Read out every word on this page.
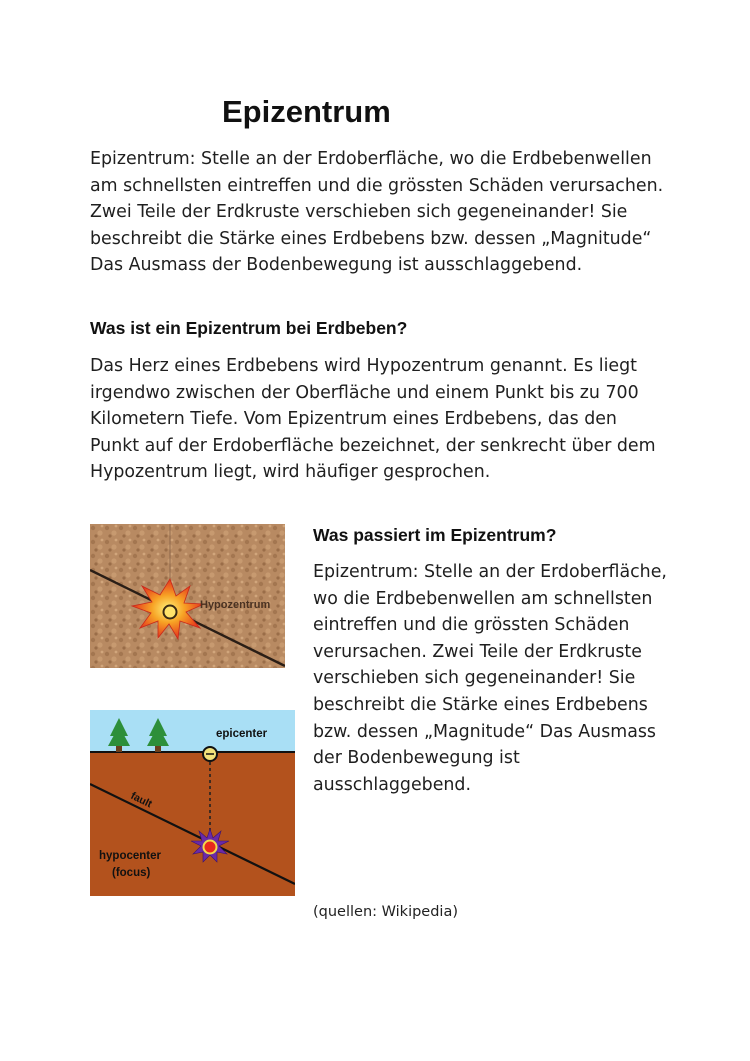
Epizentrum

Epizentrum: Stelle an der Erdoberfläche, wo die Erdbebenwellen am schnellsten eintreffen und die grössten Schäden verursachen. Zwei Teile der Erdkruste verschieben sich gegeneinander! Sie beschreibt die Stärke eines Erdbebens bzw. dessen „Magnitude“ Das Ausmass der Bodenbewegung ist ausschlaggebend.

Was ist ein Epizentrum bei Erdbeben?

Das Herz eines Erdbebens wird Hypozentrum genannt. Es liegt irgendwo zwischen der Oberfläche und einem Punkt bis zu 700 Kilometern Tiefe. Vom Epizentrum eines Erdbebens, das den Punkt auf der Erdoberfläche bezeichnet, der senkrecht über dem Hypozentrum liegt, wird häufiger gesprochen.

Hypozentrum
epicenter
fault
hypocenter
(focus)
Was passiert im Epizentrum?

Epizentrum: Stelle an der Erdoberfläche, wo die Erdbebenwellen am schnellsten eintreffen und die grössten Schäden verursachen. Zwei Teile der Erdkruste verschieben sich gegeneinander! Sie beschreibt die Stärke eines Erdbebens bzw. dessen „Magnitude“ Das Ausmass der Bodenbewegung ist ausschlaggebend.

(quellen: Wikipedia)
